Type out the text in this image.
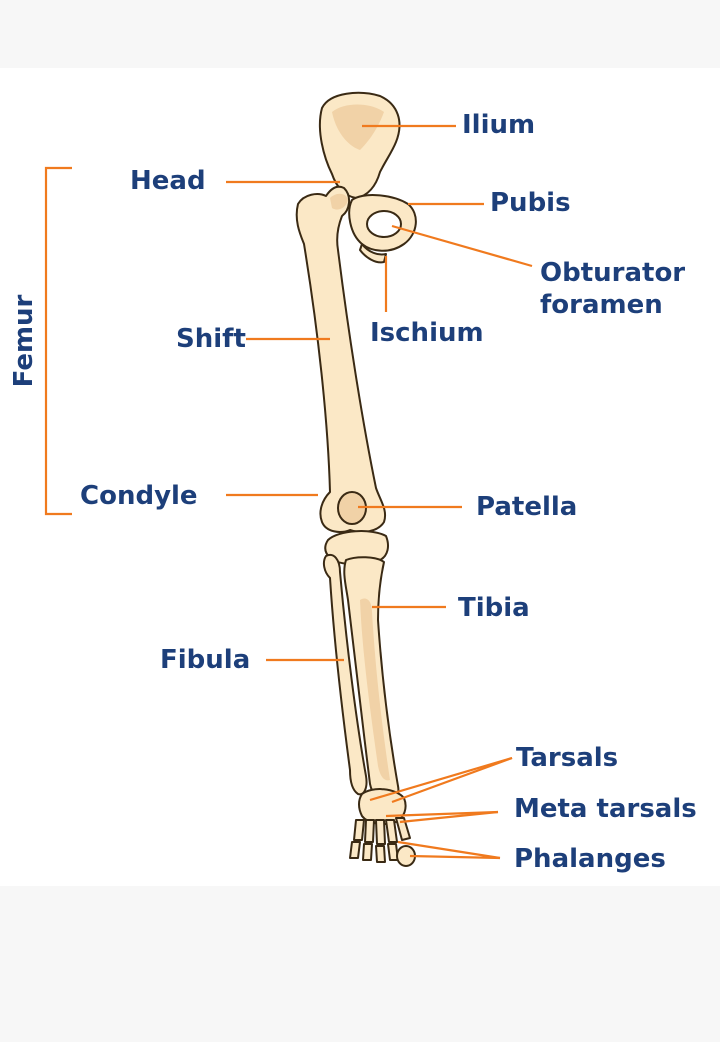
Ilium
Head
Pubis
Obturator foramen
Femur	Shift	Ischium
Condyle	Patella
Tibia
Fibula
Tarsals
Meta tarsals
Phalanges
